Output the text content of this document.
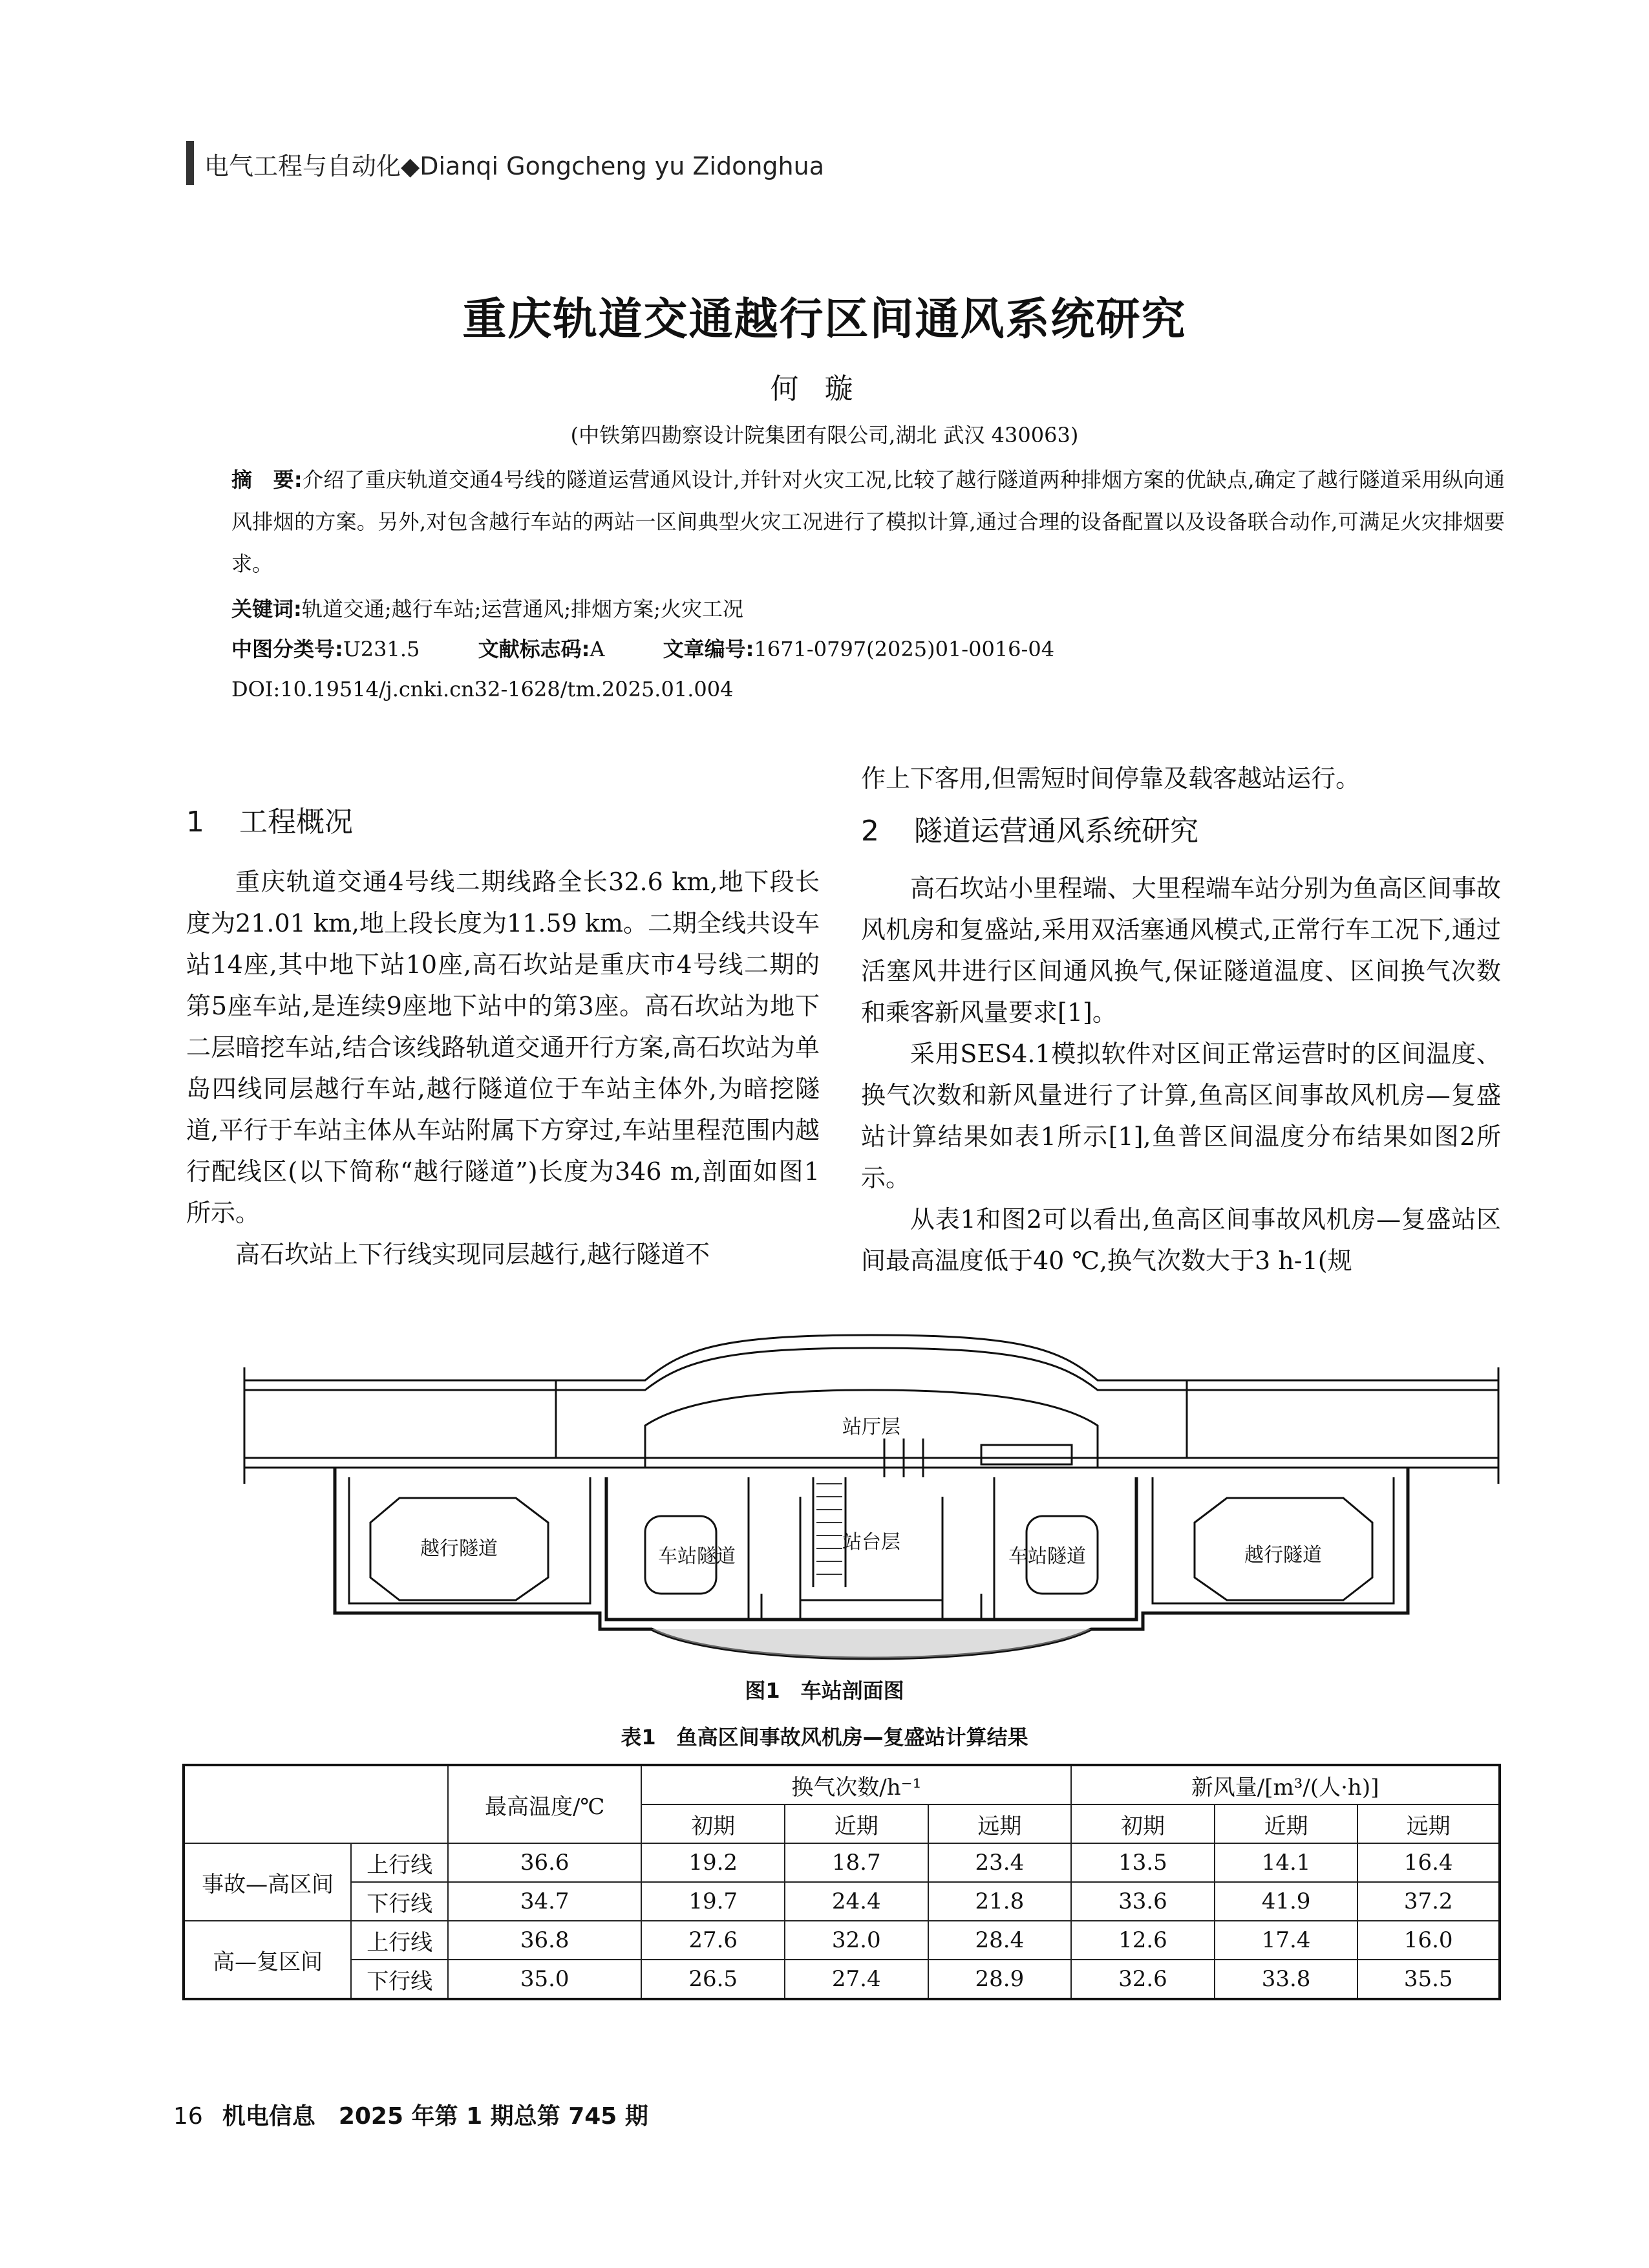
电气工程与自动化◆Dianqi Gongcheng yu Zidonghua
重庆轨道交通越行区间通风系统研究
何璇
(中铁第四勘察设计院集团有限公司,湖北 武汉 430063)
摘　要:介绍了重庆轨道交通4号线的隧道运营通风设计,并针对火灾工况,比较了越行隧道两种排烟方案的优缺点,确定了越行隧道采用纵向通风排烟的方案。另外,对包含越行车站的两站一区间典型火灾工况进行了模拟计算,通过合理的设备配置以及设备联合动作,可满足火灾排烟要求。
关键词:轨道交通;越行车站;运营通风;排烟方案;火灾工况
中图分类号:U231.5	文献标志码:A	文章编号:1671-0797(2025)01-0016-04
DOI:10.19514/j.cnki.cn32-1628/tm.2025.01.004
1 工程概况

重庆轨道交通4号线二期线路全长32.6 km,地下段长度为21.01 km,地上段长度为11.59 km。二期全线共设车站14座,其中地下站10座,高石坎站是重庆市4号线二期的第5座车站,是连续9座地下站中的第3座。高石坎站为地下二层暗挖车站,结合该线路轨道交通开行方案,高石坎站为单岛四线同层越行车站,越行隧道位于车站主体外,为暗挖隧道,平行于车站主体从车站附属下方穿过,车站里程范围内越行配线区(以下简称“越行隧道”)长度为346 m,剖面如图1所示。

高石坎站上下行线实现同层越行,越行隧道不

作上下客用,但需短时间停靠及载客越站运行。

2 隧道运营通风系统研究

高石坎站小里程端、大里程端车站分别为鱼高区间事故风机房和复盛站,采用双活塞通风模式,正常行车工况下,通过活塞风井进行区间通风换气,保证隧道温度、区间换气次数和乘客新风量要求[1]。

采用SES4.1模拟软件对区间正常运营时的区间温度、换气次数和新风量进行了计算,鱼高区间事故风机房—复盛站计算结果如表1所示[1],鱼普区间温度分布结果如图2所示。

从表1和图2可以看出,鱼高区间事故风机房—复盛站区间最高温度低于40 ℃,换气次数大于3 h-1(规

站厅层
站台层
越行隧道	越行隧道
车站隧道	车站隧道
图1　车站剖面图
表1　鱼高区间事故风机房—复盛站计算结果
		最高温度/℃	换气次数/h⁻¹			新风量/[m³/(人·h)]		
			初期	近期	远期	初期	近期	远期
事故—高区间	上行线	36.6	19.2	18.7	23.4	13.5	14.1	16.4
	下行线	34.7	19.7	24.4	21.8	33.6	41.9	37.2
高—复区间	上行线	36.8	27.6	32.0	28.4	12.6	17.4	16.0
	下行线	35.0	26.5	27.4	28.9	32.6	33.8	35.5
16 机电信息　2025 年第 1 期总第 745 期
